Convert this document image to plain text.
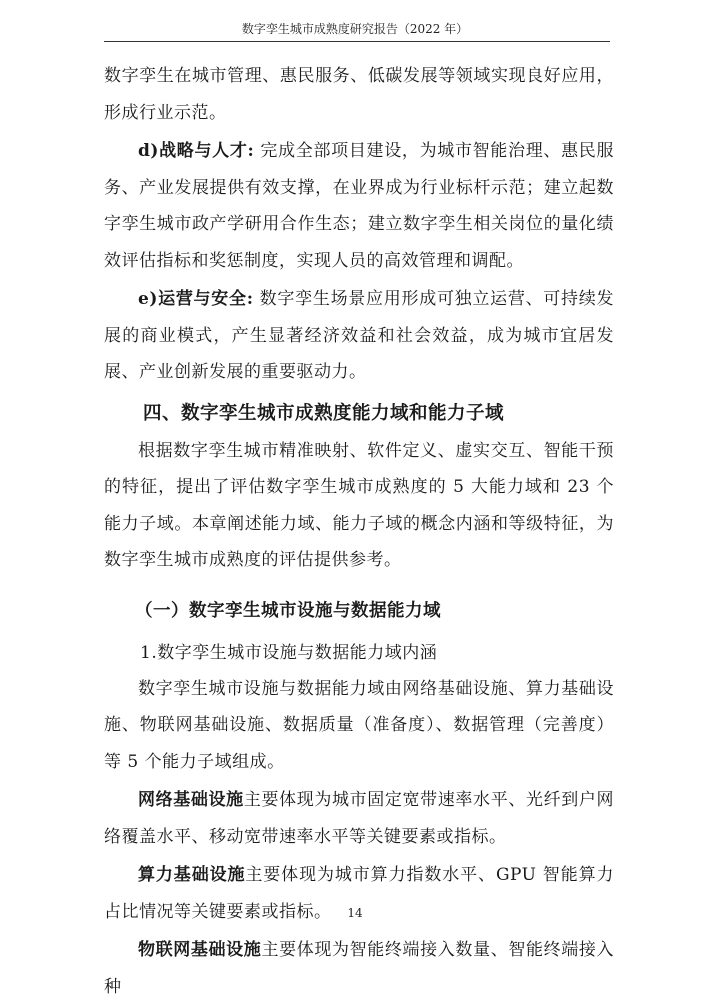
数字孪生城市成熟度研究报告（2022 年）

数字孪生在城市管理、惠民服务、低碳发展等领域实现良好应用，形成行业示范。

d)战略与人才: 完成全部项目建设，为城市智能治理、惠民服务、产业发展提供有效支撑，在业界成为行业标杆示范；建立起数字孪生城市政产学研用合作生态；建立数字孪生相关岗位的量化绩效评估指标和奖惩制度，实现人员的高效管理和调配。

e)运营与安全: 数字孪生场景应用形成可独立运营、可持续发展的商业模式，产生显著经济效益和社会效益，成为城市宜居发展、产业创新发展的重要驱动力。

四、数字孪生城市成熟度能力域和能力子域

根据数字孪生城市精准映射、软件定义、虚实交互、智能干预的特征，提出了评估数字孪生城市成熟度的 5 大能力域和 23 个能力子域。本章阐述能力域、能力子域的概念内涵和等级特征，为数字孪生城市成熟度的评估提供参考。

（一）数字孪生城市设施与数据能力域
1.数字孪生城市设施与数据能力域内涵

数字孪生城市设施与数据能力域由网络基础设施、算力基础设施、物联网基础设施、数据质量（准备度）、数据管理（完善度）等 5 个能力子域组成。

网络基础设施主要体现为城市固定宽带速率水平、光纤到户网络覆盖水平、移动宽带速率水平等关键要素或指标。

算力基础设施主要体现为城市算力指数水平、GPU 智能算力占比情况等关键要素或指标。

物联网基础设施主要体现为智能终端接入数量、智能终端接入种

14
